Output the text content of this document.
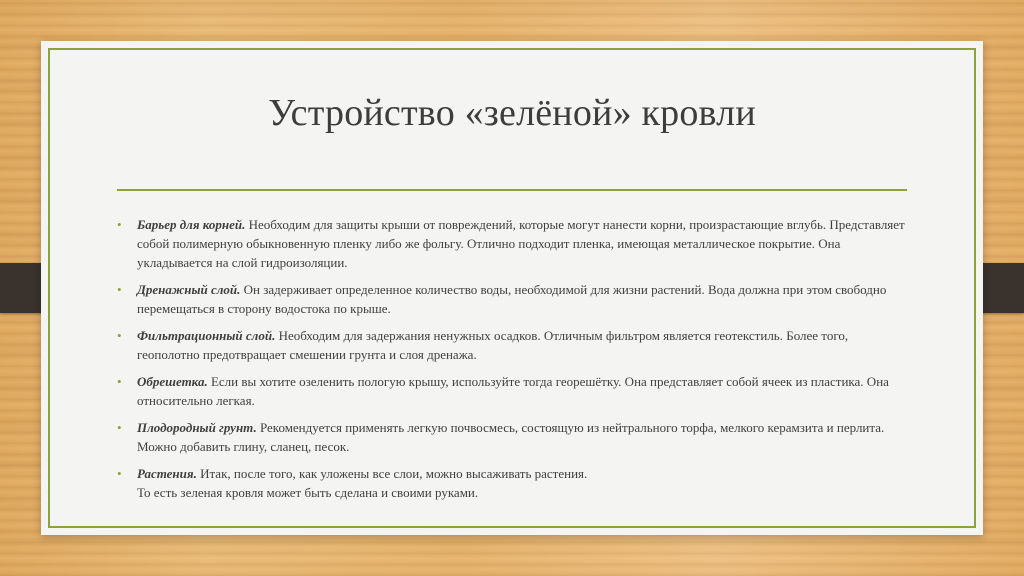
Устройство «зелёной» кровли
• Барьер для корней. Необходим для защиты крыши от повреждений, которые могут нанести корни, произрастающие вглубь. Представляет собой полимерную обыкновенную пленку либо же фольгу. Отлично подходит пленка, имеющая металлическое покрытие. Она укладывается на слой гидроизоляции.
• Дренажный слой. Он задерживает определенное количество воды, необходимой для жизни растений. Вода должна при этом свободно перемещаться в сторону водостока по крыше.
• Фильтрационный слой. Необходим для задержания ненужных осадков. Отличным фильтром является геотекстиль. Более того, геополотно предотвращает смешении грунта и слоя дренажа.
• Обрешетка. Если вы хотите озеленить пологую крышу, используйте тогда георешётку. Она представляет собой ячеек из пластика. Она относительно легкая.
• Плодородный грунт. Рекомендуется применять легкую почвосмесь, состоящую из нейтрального торфа, мелкого керамзита и перлита. Можно добавить глину, сланец, песок.
• Растения. Итак, после того, как уложены все слои, можно высаживать растения.
То есть зеленая кровля может быть сделана и своими руками.
